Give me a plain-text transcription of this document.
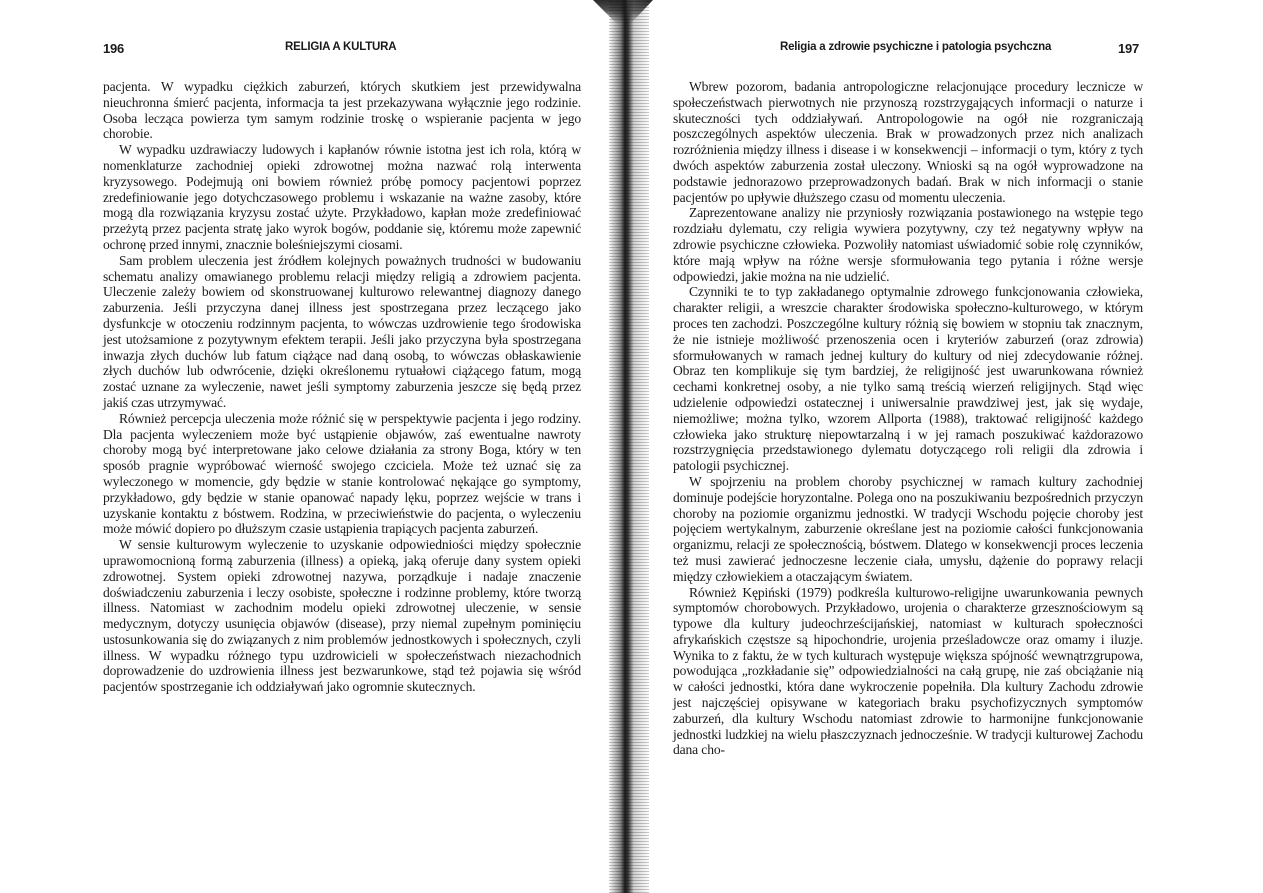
196	RELIGIA A KULTURA

pacjenta. W wypadku ciężkich zaburzeń, których skutkiem jest przewidywalna nieuchronna śmierć pacjenta, informacja ta jest przekazywana wyłącznie jego rodzinie. Osoba lecząca powierza tym samym rodzinie troskę o wspieranie pacjenta w jego chorobie.

W wypadku uzdrawiaczy ludowych i kapłanów równie istotna jest ich rola, którą w nomenklaturze zachodniej opieki zdrowotnej można nazwać rolą interwenta kryzysowego. Podejmują oni bowiem również próbę pomocy pacjentowi poprzez zredefiniowanie jego dotychczasowego problemu i wskazanie na ważne zasoby, które mogą dla rozwiązania kryzysu zostać użyte. Przykładowo, kapłan może zredefiniować przeżytą przez pacjenta stratę jako wyrok bogów, poddanie się, któremu może zapewnić ochronę przed innymi, znacznie boleśniejszymi ciosami.

Sam problem uleczenia jest źródłem kolejnych poważnych trudności w budowaniu schematu analizy omawianego problemu relacji między religią a zdrowiem pacjenta. Uleczenie zależy bowiem od skonstruowanej kulturowo relewantnej diagnozy danego zaburzenia. Jeśli przyczyna danej illness jest spostrzegana przez leczącego jako dysfunkcje w otoczeniu rodzinnym pacjenta, to wówczas uzdrowienie tego środowiska jest utożsamione z pozytywnym efektem terapii. Jeśli jako przyczyna była spostrzegana inwazja złych duchów lub fatum ciążące nad daną osobą, to wówczas obłaskawienie złych duchów lub odwrócenie, dzięki określonemu rytuałowi ciążącego fatum, mogą zostać uznane za wyleczenie, nawet jeśli symptomy zaburzenia jeszcze się będą przez jakiś czas utrzymywać.

Również percepcja uleczenia może różnić się w perspektywie pacjenta i jego rodziny. Dla pacjenta wyleczeniem może być ustąpienie objawów, zaś ewentualne nawroty choroby mogą być interpretowane jako celowe działania za strony Boga, który w ten sposób pragnie wypróbować wierność swojego czciciela. Może też uznać się za wyleczonego w momencie, gdy będzie w stanie kontrolować nękające go symptomy, przykładowo, gdy będzie w stanie opanować napady lęku, poprzez wejście w trans i uzyskanie kontaktu z bóstwem. Rodzina, w przeciwieństwie do pacjenta, o wyleczeniu może mówić dopiero po dłuższym czasie ustąpienia trapiących pacjenta zaburzeń.

W sensie kulturowym wyleczenie to uzyskanie odpowiedniości między społecznie uprawomocnioną formą zaburzenia (illness) a opieką, jaką oferuje dany system opieki zdrowotnej. System opieki zdrowotnej nazywa, porządkuje i nadaje znaczenie doświadczeniu zaburzenia i leczy osobiste, społeczne i rodzinne problemy, które tworzą illness. Natomiast w zachodnim modelu opieki zdrowotnej uleczenie, w sensie medycznym, dotyczy usunięcia objawów (disease), przy niemal zupełnym pominięciu ustosunkowania się do związanych z nim problemów jednostkowych i społecznych, czyli illness. W wypadku różnego typu uzdrowicieli w społeczeństwach niezachodnich doprowadzenie do uzdrowienia illness jest bezwarunkowe, stąd też pojawia się wśród pacjentów spostrzeganie ich oddziaływań jako ogromnie skutecznych.

Religia a zdrowie psychiczne i patologia psychczna	197

Wbrew pozorom, badania antropologiczne relacjonujące procedury lecznicze w społeczeństwach pierwotnych nie przynoszą rozstrzygających informacji o naturze i skuteczności tych oddziaływań. Antropologowie na ogół nie rozgraniczają poszczególnych aspektów uleczenia. Brak w prowadzonych przez nich analizach rozróżnienia między illness i disease i w konsekwencji – informacji o tym, który z tych dwóch aspektów zaburzenia został uleczony. Wnioski są na ogół wyprowadzone na podstawie jednorazowo przeprowadzonych badań. Brak w nich informacji o stanie pacjentów po upływie dłuższego czasu od momentu uleczenia.

Zaprezentowane analizy nie przyniosły rozwiązania postawionego na wstępie tego rozdziału dylematu, czy religia wywiera pozytywny, czy też negatywny wpływ na zdrowie psychiczne człowieka. Pozwoliły natomiast uświadomić sobie rolę czynników, które mają wpływ na różne wersje sformułowania tego pytania i różne wersje odpowiedzi, jakie można na nie udzielić.

Czynniki te to typ zakładanego optymalnie zdrowego funkcjonowania człowieka, charakter religii, a wreszcie charakter środowiska społeczno-kulturowego, w którym proces ten zachodzi. Poszczególne kultury różnią się bowiem w stopniu tak znacznym, że nie istnieje możliwość przenoszenia ocen i kryteriów zaburzeń (oraz zdrowia) sformułowanych w ramach jednej kultury do kultury od niej zdecydowanie różnej. Obraz ten komplikuje się tym bardziej, że religijność jest uwarunkowana również cechami konkretnej osoby, a nie tylko samą treścią wierzeń religijnych. Stąd więc udzielenie odpowiedzi ostatecznej i uniwersalnie prawdziwej jest, jak się wydaje, niemożliwe; można tylko, wzorem Allporta (1988), traktować religijność każdego człowieka jako strukturę niepowtarzalną i w jej ramach poszukiwać każdorazowo rozstrzygnięcia przedstawionego dylematu dotyczącego roli religii dla zdrowia i patologii psychicznej.

W spojrzeniu na problem choroby psychicznej w ramach kultury zachodniej dominuje podejście horyzontalne. Polega ono na poszukiwaniu bezpośrednich przyczyn choroby na poziomie organizmu jednostki. W tradycji Wschodu pojęcie choroby jest pojęciem wertykalnym, zaburzenie określane jest na poziomie całości funkcjonowania organizmu, relacji ze społecznością, bóstwem. Dlatego w konsekwencji proces leczenia też musi zawierać jednoczesne leczenie ciała, umysłu, dążenie do poprawy relacji między człowiekiem a otaczającym światem.

Również Kępiński (1979) podkreśla kulturowo-religijne uwarunkowania pewnych symptomów chorobowych. Przykładowo, urojenia o charakterze grzesznościowym są typowe dla kultury judeochrześcijańskiej, natomiast w kulturach społeczności afrykańskich częstsze są hipochondrie, urojenia prześladowcze oraz omamy i iluzje. Wynika to z faktu, że w tych kulturach występuje większa spójność wewnątrzgrupowa, powodująca „rozkładanie się” odpowiedzialności na całą grupę, nie zaś obciążanie nią w całości jednostki, która dane wykroczenie popełniła. Dla kultury Zachodu zdrowie jest najczęściej opisywane w kategoriach braku psychofizycznych symptomów zaburzeń, dla kultury Wschodu natomiast zdrowie to harmonijne funkcjonowanie jednostki ludzkiej na wielu płaszczyznach jednocześnie. W tradycji kulturowej Zachodu dana cho-
